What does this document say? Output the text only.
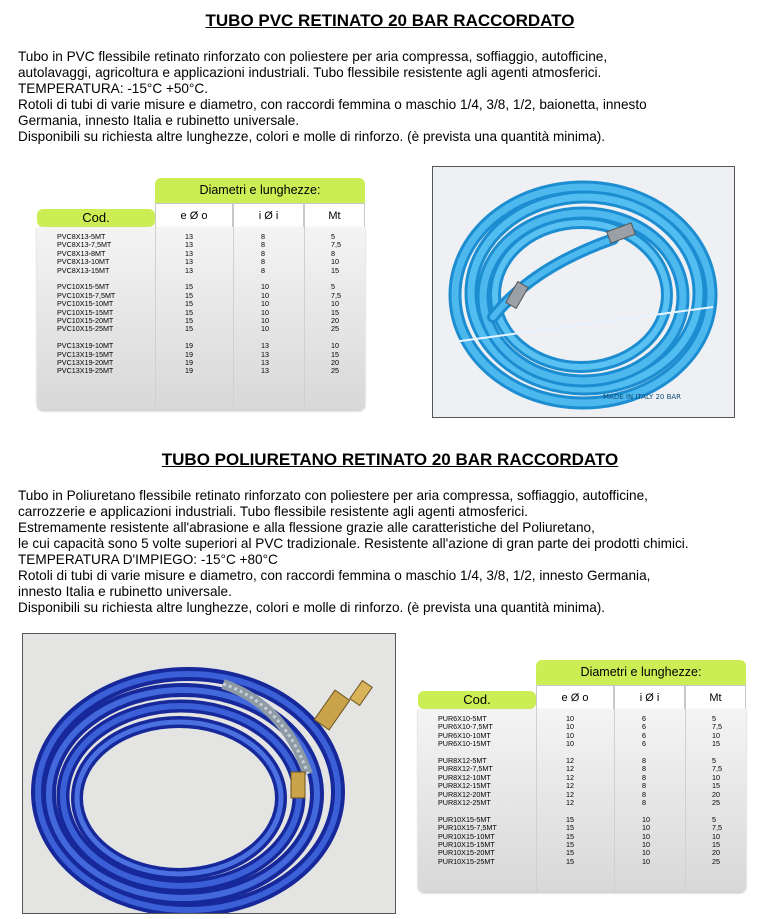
TUBO PVC RETINATO 20 BAR RACCORDATO
Tubo in PVC flessibile retinato rinforzato con poliestere per aria compressa, soffiaggio, autofficine,
autolavaggi, agricoltura e applicazioni industriali. Tubo flessibile resistente agli agenti atmosferici.
TEMPERATURA: -15°C +50°C.
Rotoli di tubi di varie misure e diametro, con raccordi femmina o maschio 1/4, 3/8, 1/2, baionetta, innesto
Germania, innesto Italia e rubinetto universale.
Disponibili su richiesta altre lunghezze, colori e molle di rinforzo. (è prevista una quantità minima).
Diametri e lunghezze:
Cod.	e Ø o	i Ø i	Mt
PVC8X13-5MT	13	8	5
PVC8X13-7,5MT	13	8	7,5
PVC8X13-8MT	13	8	8
PVC8X13-10MT	13	8	10
PVC8X13-15MT	13	8	15
PVC10X15-5MT	15	10	5
PVC10X15-7,5MT	15	10	7,5
PVC10X15-10MT	15	10	10
PVC10X15-15MT	15	10	15
PVC10X15-20MT	15	10	20
PVC10X15-25MT	15	10	25
PVC13X19-10MT	19	13	10
PVC13X19-15MT	19	13	15
PVC13X19-20MT	19	13	20
PVC13X19-25MT	19	13	25
MADE IN ITALY 20 BAR
TUBO POLIURETANO RETINATO 20 BAR RACCORDATO
Tubo in Poliuretano flessibile retinato rinforzato con poliestere per aria compressa, soffiaggio, autofficine,
carrozzerie e applicazioni industriali. Tubo flessibile resistente agli agenti atmosferici.
Estremamente resistente all'abrasione e alla flessione grazie alle caratteristiche del Poliuretano,
le cui capacità sono 5 volte superiori al PVC tradizionale. Resistente all'azione di gran parte dei prodotti chimici.
TEMPERATURA D'IMPIEGO: -15°C +80°C
Rotoli di tubi di varie misure e diametro, con raccordi femmina o maschio 1/4, 3/8, 1/2, innesto Germania,
innesto Italia e rubinetto universale.
Disponibili su richiesta altre lunghezze, colori e molle di rinforzo. (è prevista una quantità minima).
Diametri e lunghezze:
Cod.	e Ø o	i Ø i	Mt
PUR6X10-5MT	10	6	5
PUR6X10-7,5MT	10	6	7,5
PUR6X10-10MT	10	6	10
PUR6X10-15MT	10	6	15
PUR8X12-5MT	12	8	5
PUR8X12-7,5MT	12	8	7,5
PUR8X12-10MT	12	8	10
PUR8X12-15MT	12	8	15
PUR8X12-20MT	12	8	20
PUR8X12-25MT	12	8	25
PUR10X15-5MT	15	10	5
PUR10X15-7,5MT	15	10	7,5
PUR10X15-10MT	15	10	10
PUR10X15-15MT	15	10	15
PUR10X15-20MT	15	10	20
PUR10X15-25MT	15	10	25
